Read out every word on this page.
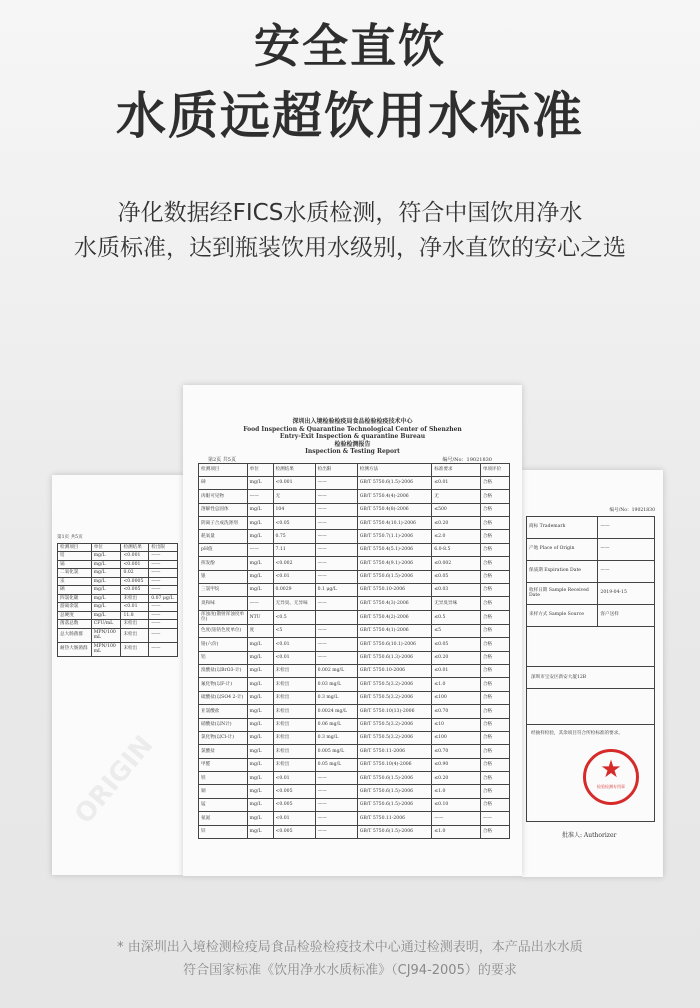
安全直饮
水质远超饮用水标准
净化数据经FICS水质检测，符合中国饮用净水
水质标准，达到瓶装饮用水级别，净水直饮的安心之选
第1页 共5页
检测项目	单位	检测结果	检出限
铅	mg/L	<0.001	——
镉	mg/L	<0.001	——
二氧化氯	mg/L	0.02	——
汞	mg/L	<0.0005	——
硒	mg/L	<0.005	——
四氯化碳	mg/L	未检出	0.07 μg/L
游离余氯	mg/L	<0.01	——
总硬度	mg/L	11.8	——
菌落总数	CFU/mL	未检出	——
总大肠菌群	MPN/100mL	未检出	——
耐热大肠菌群	MPN/100mL	未检出	——
ORIGIN
编号/No：19021830
商标 Trademark	——
产地 Place of Origin	——
保质期 Expiration Date	——
收样日期 Sample Received Date	2019-04-15
来样方式 Sample Source	客户送样
深圳市宝安区新安大厦12B
经抽样检验，其余项目符合所检标准的要求。
★
检验检测专用章
批准人: Authorizer
深圳出入境检验检疫局食品检验检疫技术中心
Food Inspection & Quarantine Technological Center of Shenzhen
Entry-Exit Inspection & quarantine Bureau
检验检测报告
Inspection & Testing Report
第2页 共5页	编号/No：19021830
检测项目	单位	检测结果	检出限	检测方法	标准要求	单项评价
砷	mg/L	<0.001	——	GB/T 5750.6(1.5)-2006	≤0.01	合格
肉眼可见物	——	无	——	GB/T 5750.4(4)-2006	无	合格
溶解性总固体	mg/L	104	——	GB/T 5750.4(8)-2006	≤500	合格
阴离子合成洗涤剂	mg/L	<0.05	——	GB/T 5750.4(10.1)-2006	≤0.20	合格
耗氧量	mg/L	0.75	——	GB/T 5750.7(1.1)-2006	≤2.0	合格
pH值	——	7.11	——	GB/T 5750.4(5.1)-2006	6.0-8.5	合格
挥发酚	mg/L	<0.002	——	GB/T 5750.4(9.1)-2006	≤0.002	合格
银	mg/L	<0.01	——	GB/T 5750.6(1.5)-2006	≤0.05	合格
三氯甲烷	mg/L	0.0029	0.1 μg/L	GB/T 5750.10-2006	≤0.03	合格
臭和味	——	无异臭、无异味	——	GB/T 5750.4(3)-2006	无异臭异味	合格
浑浊度(散射浑浊度单位)	NTU	<0.5		GB/T 5750.4(2)-2006	≤0.5	合格
色度(铂钴色度单位)	度	<5	——	GB/T 5750.4(1)-2006	≤5	合格
铬(六价)	mg/L	<0.01	——	GB/T 5750.6(10.1)-2006	≤0.05	合格
铝	mg/L	<0.01	——	GB/T 5750.6(1.3)-2006	≤0.20	合格
溴酸盐(以BrO3-计)	mg/L	未检出	0.002 mg/L	GB/T 5750.10-2006	≤0.01	合格
氟化物(以F-计)	mg/L	未检出	0.03 mg/L	GB/T 5750.5(3.2)-2006	≤1.0	合格
硫酸盐(以SO4 2-计)	mg/L	未检出	0.3 mg/L	GB/T 5750.5(3.2)-2006	≤100	合格
亚氯酸盐	mg/L	未检出	0.0024 mg/L	GB/T 5750.10(13)-2006	≤0.70	合格
硝酸盐(以N计)	mg/L	未检出	0.06 mg/L	GB/T 5750.5(3.2)-2006	≤10	合格
氯化物(以Cl-计)	mg/L	未检出	0.3 mg/L	GB/T 5750.5(3.2)-2006	≤100	合格
氯酸盐	mg/L	未检出	0.005 mg/L	GB/T 5750.11-2006	≤0.70	合格
甲醛	mg/L	未检出	0.05 mg/L	GB/T 5750.10(4)-2006	≤0.90	合格
铁	mg/L	<0.01	——	GB/T 5750.6(1.5)-2006	≤0.20	合格
铜	mg/L	<0.005	——	GB/T 5750.6(1.5)-2006	≤1.0	合格
锰	mg/L	<0.005	——	GB/T 5750.6(1.5)-2006	≤0.10	合格
氨氮	mg/L	<0.01	——	GB/T 5750.11-2006	——	——
锌	mg/L	<0.005	——	GB/T 5750.6(1.5)-2006	≤1.0	合格
* 由深圳出入境检测检疫局食品检验检疫技术中心通过检测表明，本产品出水水质
符合国家标准《饮用净水水质标准》（CJ94-2005）的要求
